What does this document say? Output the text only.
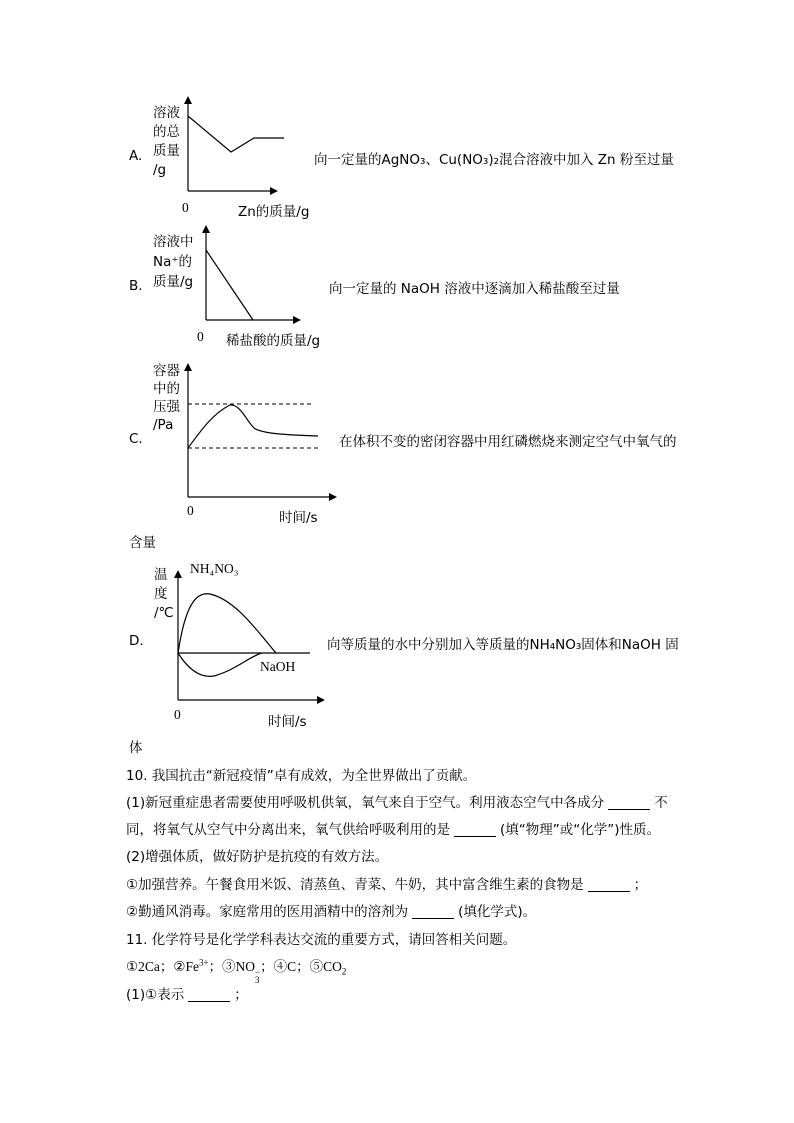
A.
溶液
的总
质量
/g
0	Zn的质量/g
向一定量的AgNO₃、Cu(NO₃)₂混合溶液中加入 Zn 粉至过量
B.
溶液中
Na⁺的
质量/g
0 稀盐酸的质量/g
向一定量的 NaOH 溶液中逐滴加入稀盐酸至过量
C.
容器
中的
压强
/Pa
0	时间/s
在体积不变的密闭容器中用红磷燃烧来测定空气中氧气的
含量
D.
温
度
/℃
NH₄NO₃
NaOH
0	时间/s
向等质量的水中分别加入等质量的NH₄NO₃固体和NaOH 固
体
10. 我国抗击“新冠疫情”卓有成效，为全世界做出了贡献。
(1)新冠重症患者需要使用呼吸机供氧，氧气来自于空气。利用液态空气中各成分	不
同，将氧气从空气中分离出来，氧气供给呼吸利用的是	(填“物理”或“化学”)性质。
(2)增强体质，做好防护是抗疫的有效方法。
①加强营养。午餐食用米饭、清蒸鱼、青菜、牛奶，其中富含维生素的食物是	；
②勤通风消毒。家庭常用的医用酒精中的溶剂为	(填化学式)。
11. 化学符号是化学学科表达交流的重要方式，请回答相关问题。
①2Ca；$②Fe^{3+}$；③NO −
3
；④C；$⑤CO_2$
(1)①表示	；
